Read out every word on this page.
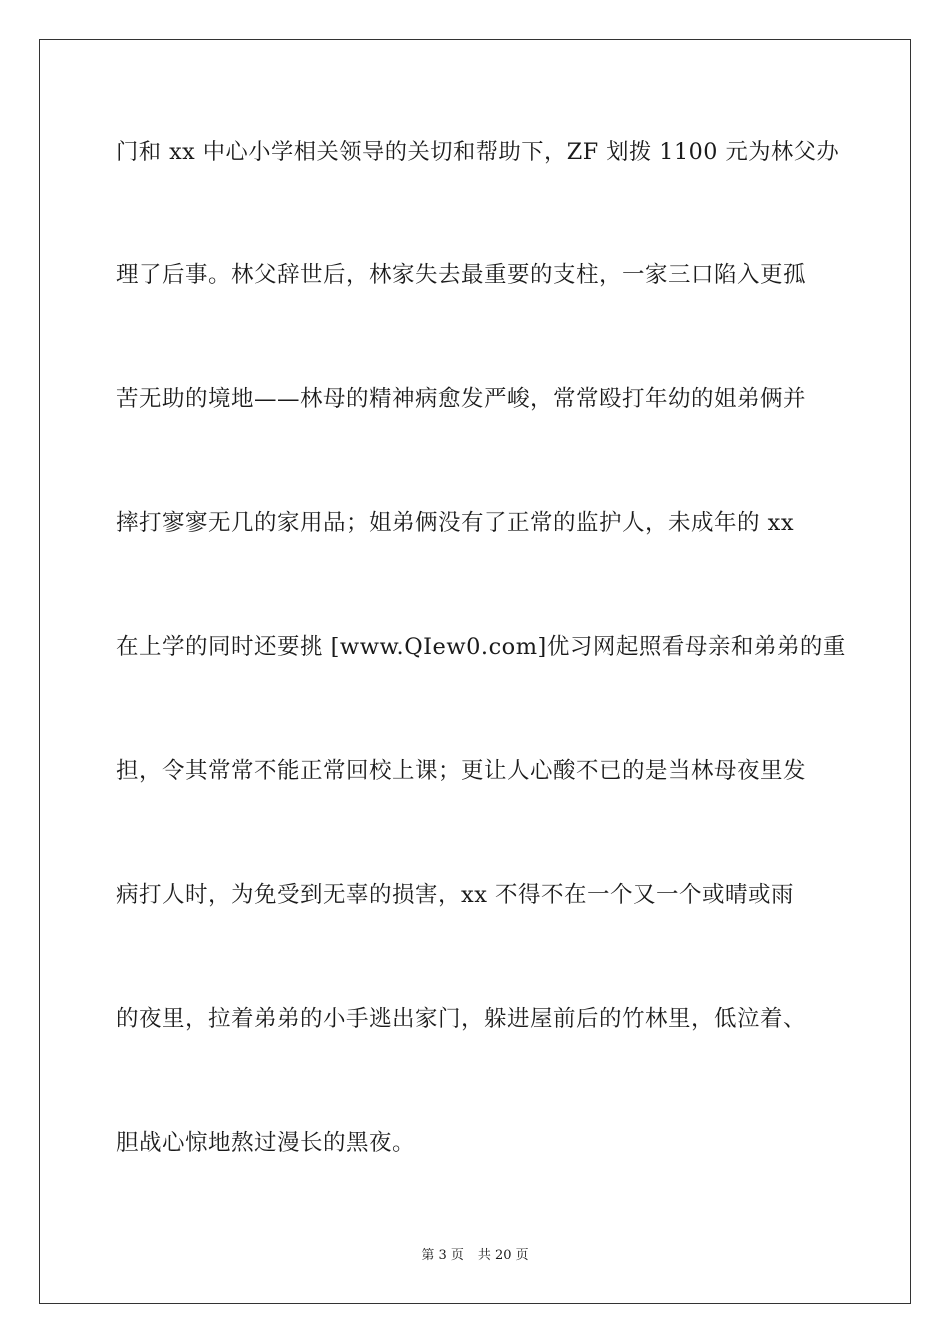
门和 xx 中心小学相关领导的关切和帮助下，ZF 划拨 1100 元为林父办
理了后事。林父辞世后，林家失去最重要的支柱，一家三口陷入更孤
苦无助的境地——林母的精神病愈发严峻，常常殴打年幼的姐弟俩并
摔打寥寥无几的家用品；姐弟俩没有了正常的监护人，未成年的 xx
在上学的同时还要挑 [www.QIew0.com]优习网起照看母亲和弟弟的重
担，令其常常不能正常回校上课；更让人心酸不已的是当林母夜里发
病打人时，为免受到无辜的损害，xx 不得不在一个又一个或晴或雨
的夜里，拉着弟弟的小手逃出家门，躲进屋前后的竹林里，低泣着、
胆战心惊地熬过漫长的黑夜。
第 3 页 共 20 页
